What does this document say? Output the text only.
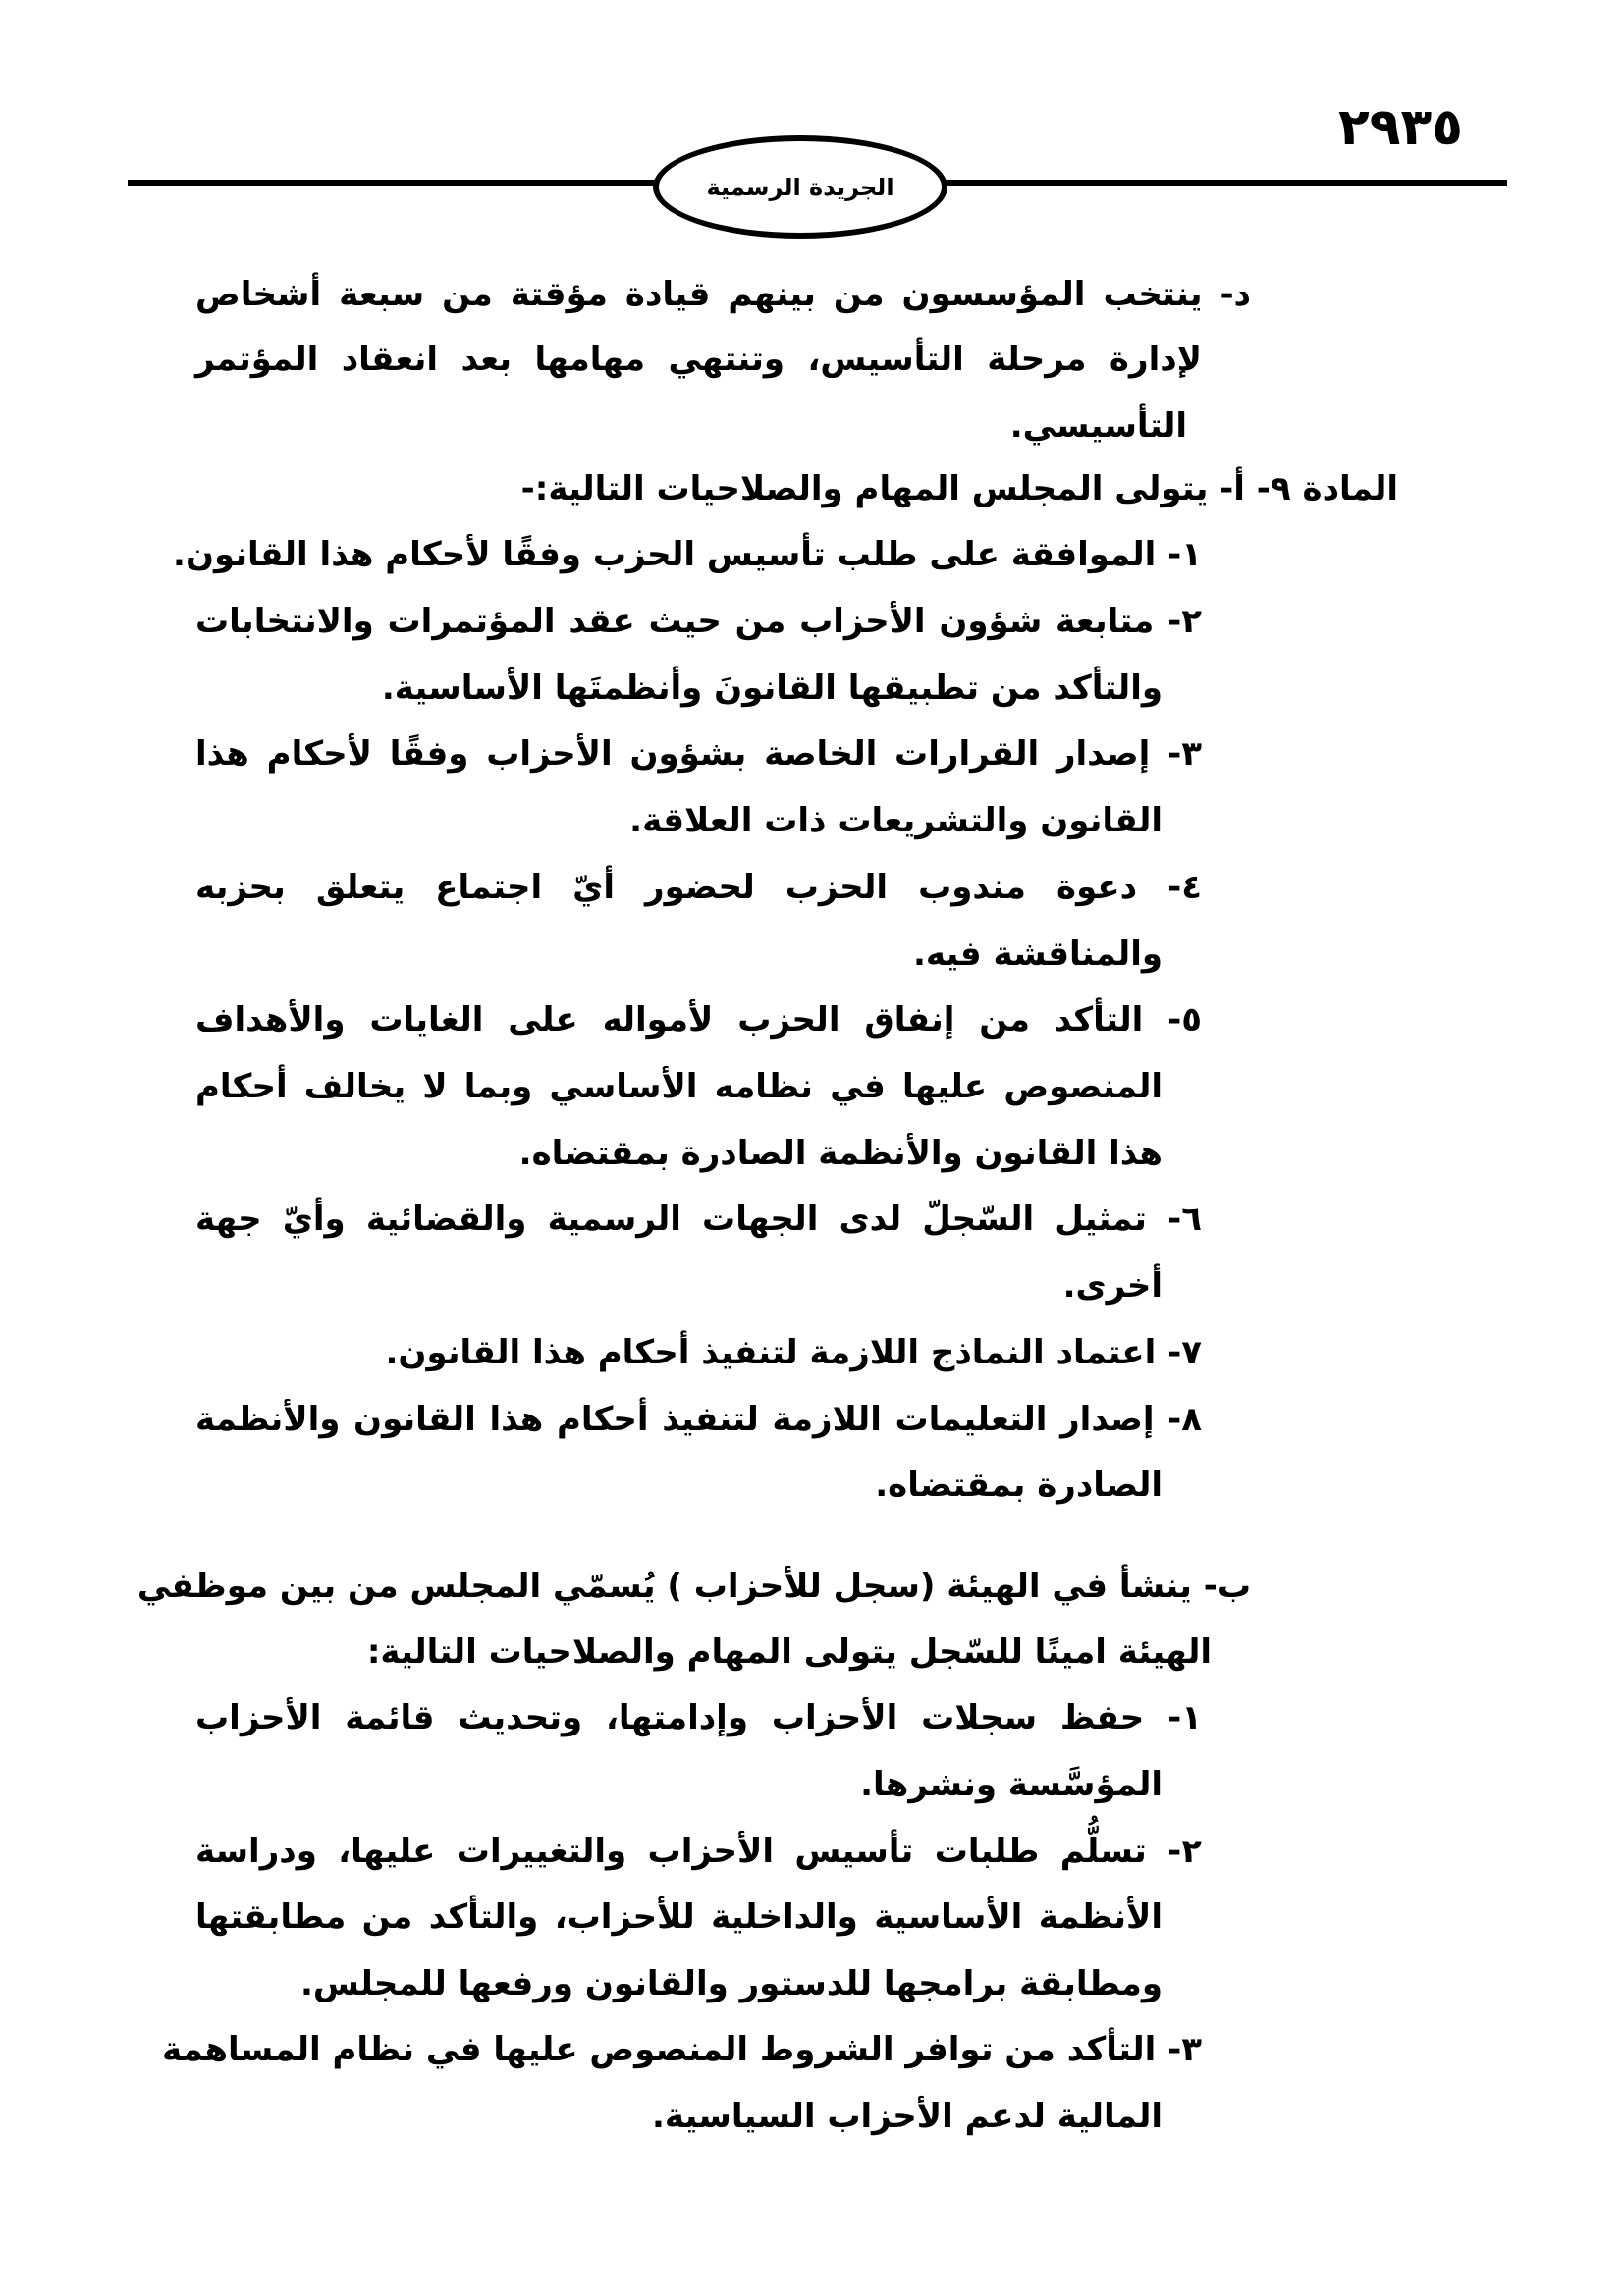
٢٩٣٥
الجريدة الرسمية
د- ينتخب المؤسسون من بينهم قيادة مؤقتة من سبعة أشخاص
لإدارة مرحلة التأسيس، وتنتهي مهامها بعد انعقاد المؤتمر
التأسيسي.
المادة ٩- أ- يتولى المجلس المهام والصلاحيات التالية:-
١- الموافقة على طلب تأسيس الحزب وفقًا لأحكام هذا القانون.
٢- متابعة شؤون الأحزاب من حيث عقد المؤتمرات والانتخابات
والتأكد من تطبيقها القانونَ وأنظمتَها الأساسية.
٣- إصدار القرارات الخاصة بشؤون الأحزاب وفقًا لأحكام هذا
القانون والتشريعات ذات العلاقة.
٤- دعوة مندوب الحزب لحضور أيّ اجتماع يتعلق بحزبه
والمناقشة فيه.
٥- التأكد من إنفاق الحزب لأمواله على الغايات والأهداف
المنصوص عليها في نظامه الأساسي وبما لا يخالف أحكام
هذا القانون والأنظمة الصادرة بمقتضاه.
٦- تمثيل السّجلّ لدى الجهات الرسمية والقضائية وأيّ جهة
أخرى.
٧- اعتماد النماذج اللازمة لتنفيذ أحكام هذا القانون.
٨- إصدار التعليمات اللازمة لتنفيذ أحكام هذا القانون والأنظمة
الصادرة بمقتضاه.
ب- ينشأ في الهيئة (سجل للأحزاب ) يُسمّي المجلس من بين موظفي
الهيئة امينًا للسّجل يتولى المهام والصلاحيات التالية:
١- حفظ سجلات الأحزاب وإدامتها، وتحديث قائمة الأحزاب
المؤسَّسة ونشرها.
٢- تسلُّم طلبات تأسيس الأحزاب والتغييرات عليها، ودراسة
الأنظمة الأساسية والداخلية للأحزاب، والتأكد من مطابقتها
ومطابقة برامجها للدستور والقانون ورفعها للمجلس.
٣- التأكد من توافر الشروط المنصوص عليها في نظام المساهمة
المالية لدعم الأحزاب السياسية.
